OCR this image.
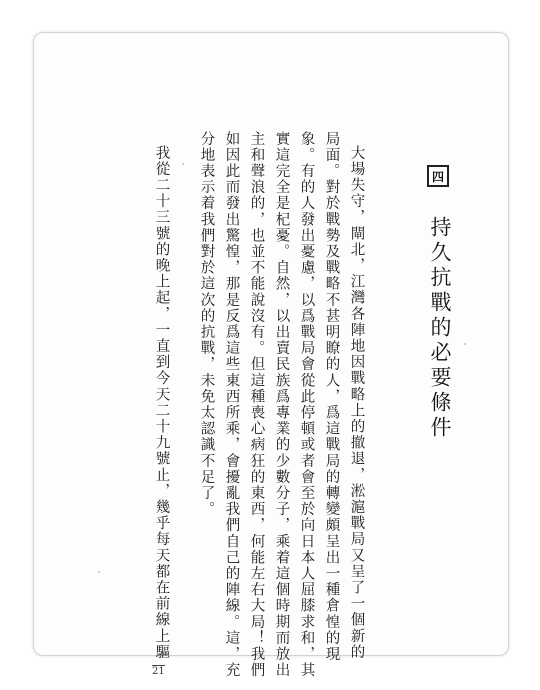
四
持久抗戰的必要條件
大場失守，閘北，江灣各陣地因戰略上的撤退，淞滬戰局又呈了一個新的
局面。對於戰勢及戰略不甚明瞭的人，爲這戰局的轉變頗呈出一種倉惶的現
象。有的人發出憂慮，以爲戰局會從此停頓或者會至於向日本人屈膝求和，其
實這完全是杞憂。自然，以出賣民族爲專業的少數分子，乘着這個時期而放出
主和聲浪的，也並不能說沒有。但這種喪心病狂的東西，何能左右大局！我們
如因此而發出驚惶，那是反爲這些東西所乘，會擾亂我們自己的陣線。這，充
分地表示着我們對於這次的抗戰，未免太認識不足了。
我從二十三號的晚上起，一直到今天二十九號止，幾乎每天都在前線上驅
21
